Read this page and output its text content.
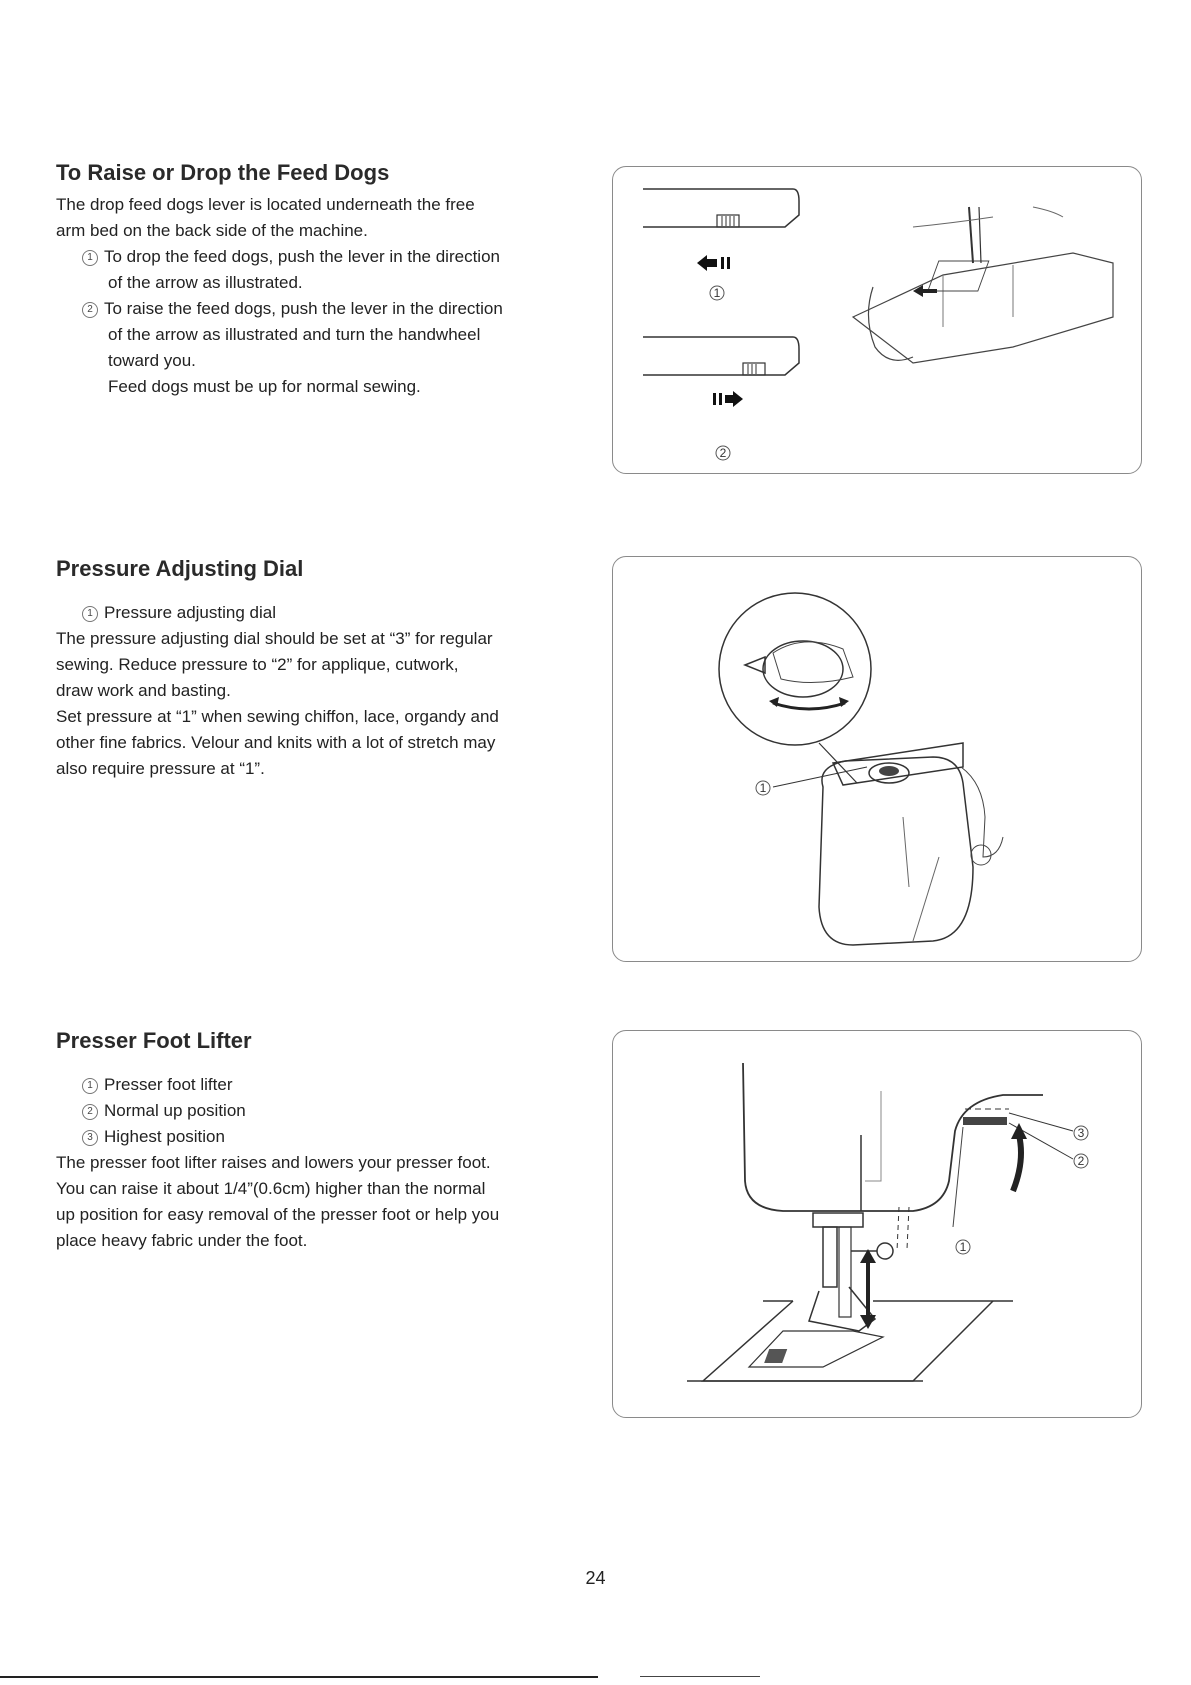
To Raise or Drop the Feed Dogs

The drop feed dogs lever is located underneath the free

arm bed on the back side of the machine.

1 To drop the feed dogs, push the lever in the direction

of the arrow as illustrated.

2 To raise the feed dogs, push the lever in the direction

of the arrow as illustrated and turn the handwheel

toward you.

Feed dogs must be up for normal sewing.

1
2
Pressure Adjusting Dial

1 Pressure adjusting dial

The pressure adjusting dial should be set at “3” for regular

sewing. Reduce pressure to “2” for applique, cutwork,

draw work and basting.

Set pressure at “1” when sewing chiffon, lace, organdy and

other fine fabrics. Velour and knits with a lot of stretch may

also require pressure at “1”.

1
Presser Foot Lifter

1 Presser foot lifter

2 Normal up position

3 Highest position

The presser foot lifter raises and lowers your presser foot.

You can raise it about 1/4”(0.6cm) higher than the normal

up position for easy removal of the presser foot or help you

place heavy fabric under the foot.

3
2
1
24
